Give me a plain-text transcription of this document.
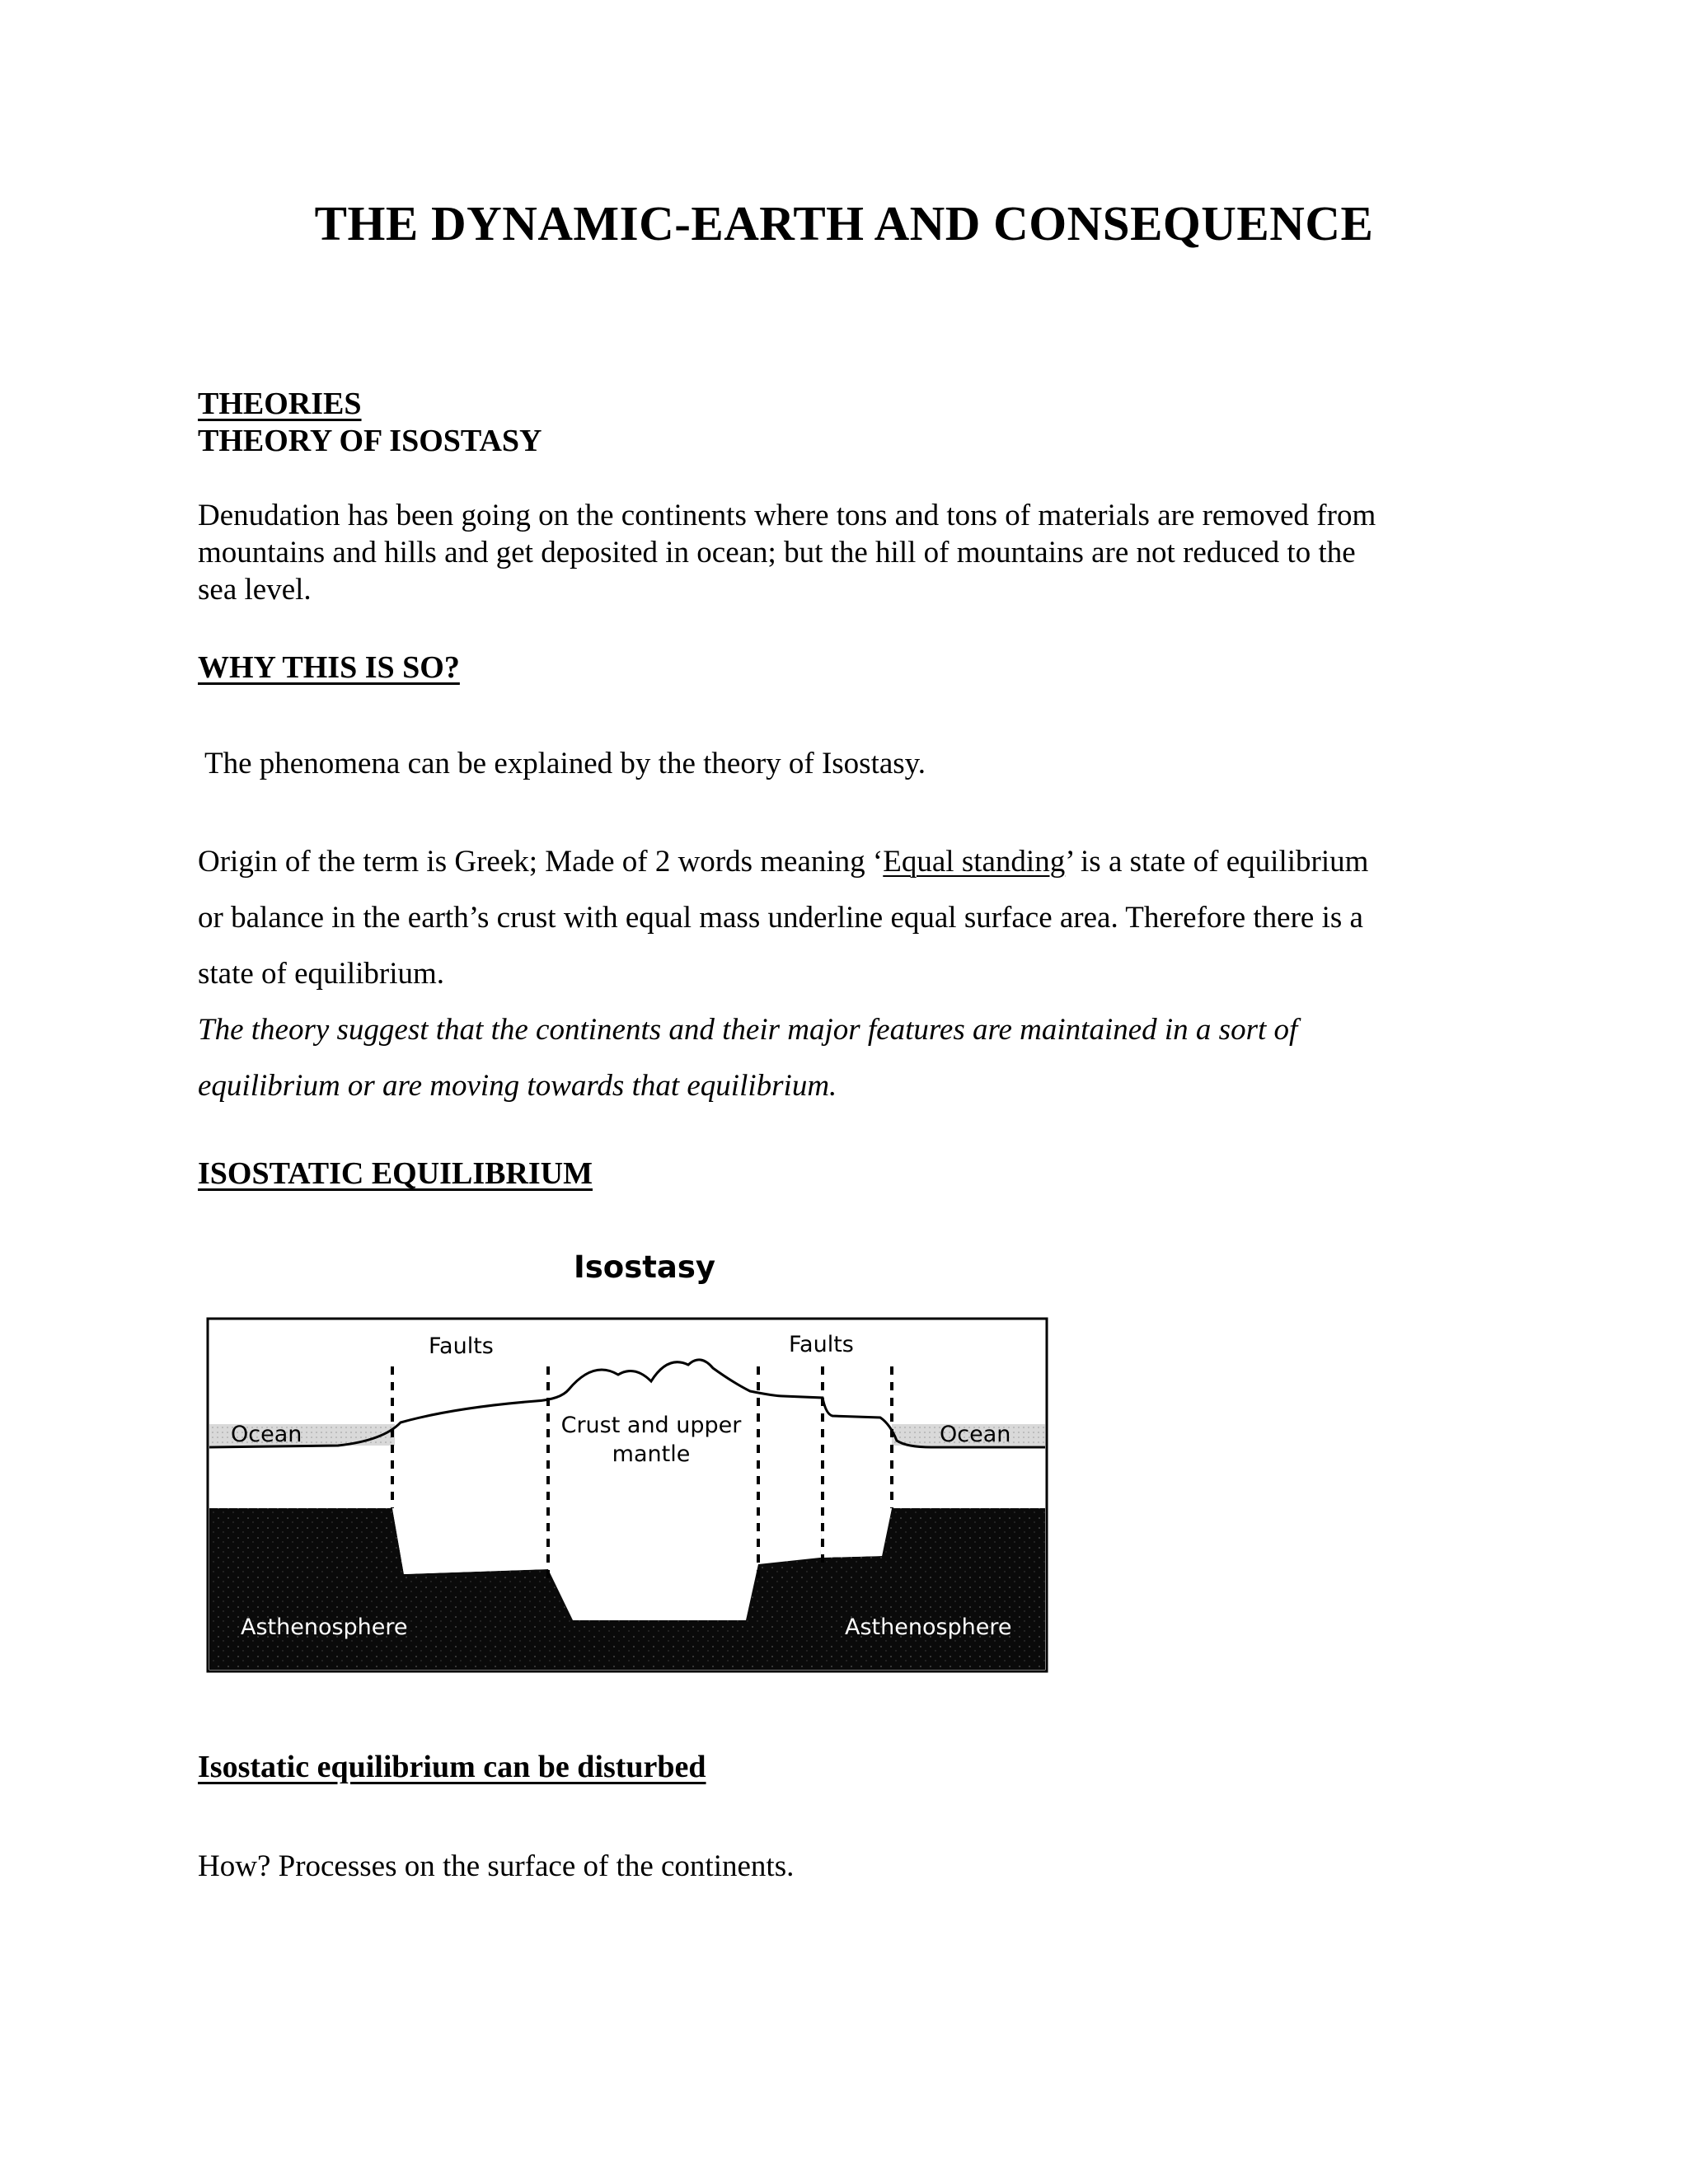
THE DYNAMIC-EARTH AND CONSEQUENCE
THEORIES
THEORY OF ISOSTASY
Denudation has been going on the continents where tons and tons of materials are removed from
mountains and hills and get deposited in ocean; but the hill of mountains are not reduced to the
sea level.
WHY THIS IS SO?

The phenomena can be explained by the theory of Isostasy.

Origin of the term is Greek; Made of 2 words meaning ‘Equal standing’ is a state of equilibrium
or balance in the earth’s crust with equal mass underline equal surface area. Therefore there is a
state of equilibrium.
The theory suggest that the continents and their major features are maintained in a sort of
equilibrium or are moving towards that equilibrium.
ISOSTATIC EQUILIBRIUM
Isostasy
Faults	Faults
Ocean	Ocean
Crust and upper
mantle
Asthenosphere	Asthenosphere
Isostatic equilibrium can be disturbed

How? Processes on the surface of the continents.
